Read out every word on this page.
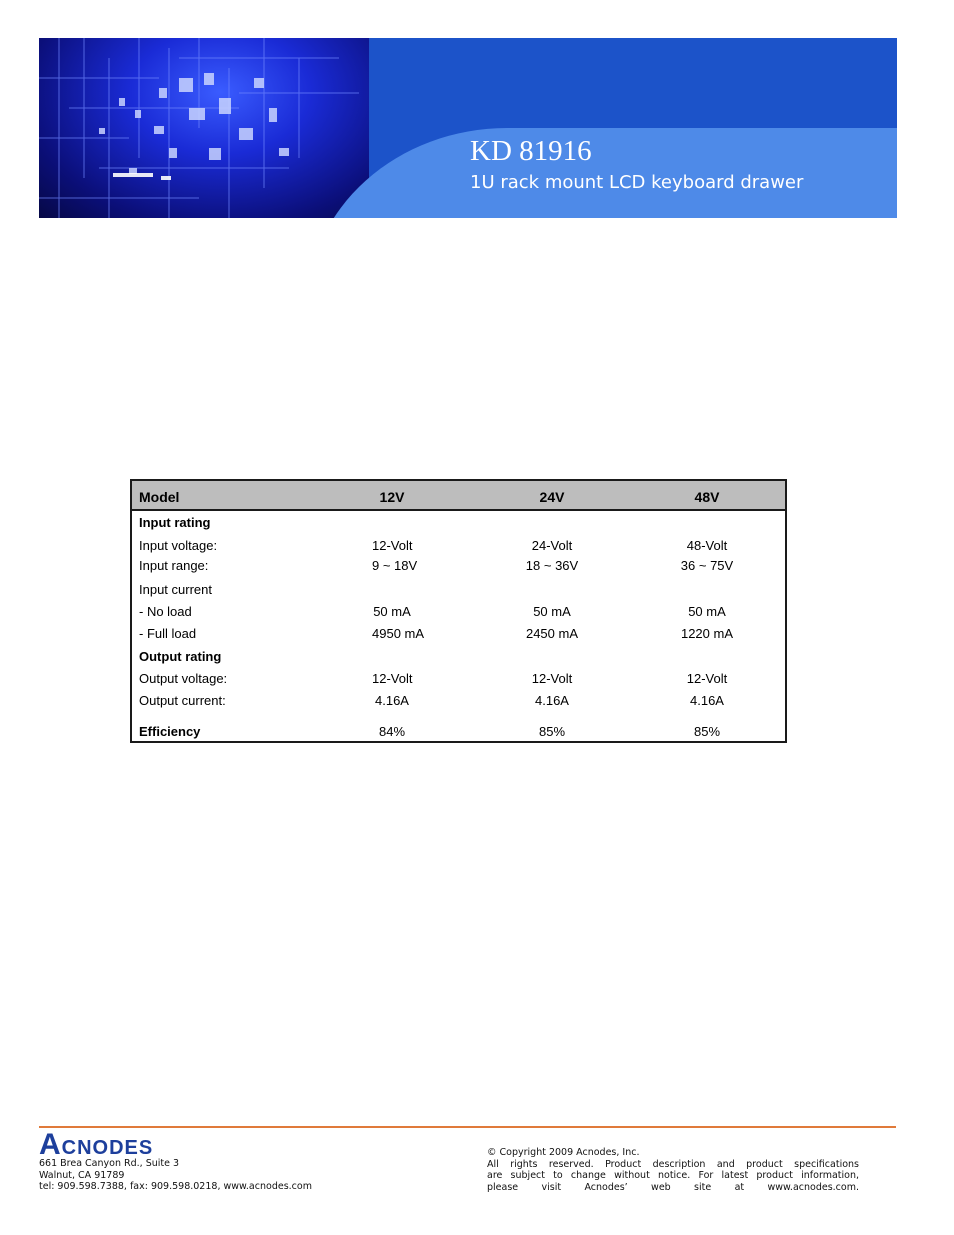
KD 81916
1U rack mount LCD keyboard drawer
Model	12V	24V	48V
Input rating
Input voltage:	12-Volt	24-Volt	48-Volt
Input range:	9 ~ 18V	18 ~ 36V	36 ~ 75V
Input current
- No load	50 mA	50 mA	50 mA
- Full load	4950 mA	2450 mA	1220 mA
Output rating
Output voltage:	12-Volt	12-Volt	12-Volt
Output current:	4.16A	4.16A	4.16A
Efficiency	84%	85%	85%
ACNODES
661 Brea Canyon Rd., Suite 3
Walnut, CA 91789
tel: 909.598.7388, fax: 909.598.0218, www.acnodes.com
© Copyright 2009 Acnodes, Inc.
All rights reserved. Product description and product specifications
are subject to change without notice. For latest product information,
please visit Acnodes’ web site at www.acnodes.com.
